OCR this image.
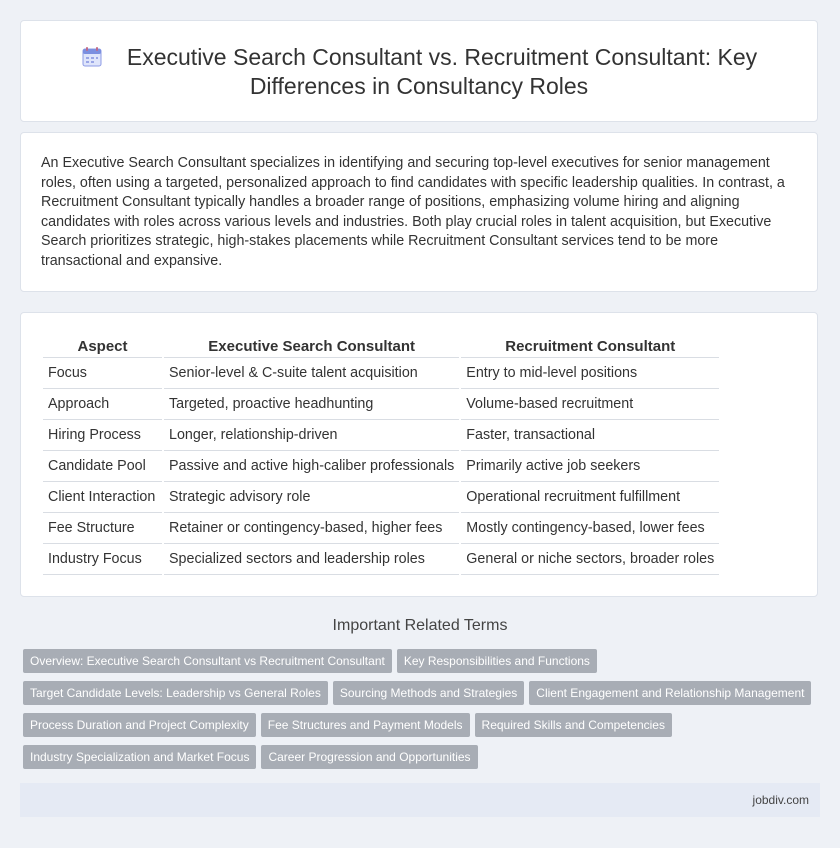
Executive Search Consultant vs. Recruitment Consultant: Key Differences in Consultancy Roles

An Executive Search Consultant specializes in identifying and securing top-level executives for senior management roles, often using a targeted, personalized approach to find candidates with specific leadership qualities. In contrast, a Recruitment Consultant typically handles a broader range of positions, emphasizing volume hiring and aligning candidates with roles across various levels and industries. Both play crucial roles in talent acquisition, but Executive Search prioritizes strategic, high-stakes placements while Recruitment Consultant services tend to be more transactional and expansive.

Aspect	Executive Search Consultant	Recruitment Consultant
Focus	Senior-level & C-suite talent acquisition	Entry to mid-level positions
Approach	Targeted, proactive headhunting	Volume-based recruitment
Hiring Process	Longer, relationship-driven	Faster, transactional
Candidate Pool	Passive and active high-caliber professionals	Primarily active job seekers
Client Interaction	Strategic advisory role	Operational recruitment fulfillment
Fee Structure	Retainer or contingency-based, higher fees	Mostly contingency-based, lower fees
Industry Focus	Specialized sectors and leadership roles	General or niche sectors, broader roles
Important Related Terms
Overview: Executive Search Consultant vs Recruitment Consultant Key Responsibilities and Functions
Target Candidate Levels: Leadership vs General Roles Sourcing Methods and Strategies Client Engagement and Relationship Management
Process Duration and Project Complexity Fee Structures and Payment Models Required Skills and Competencies
Industry Specialization and Market Focus Career Progression and Opportunities
jobdiv.com
